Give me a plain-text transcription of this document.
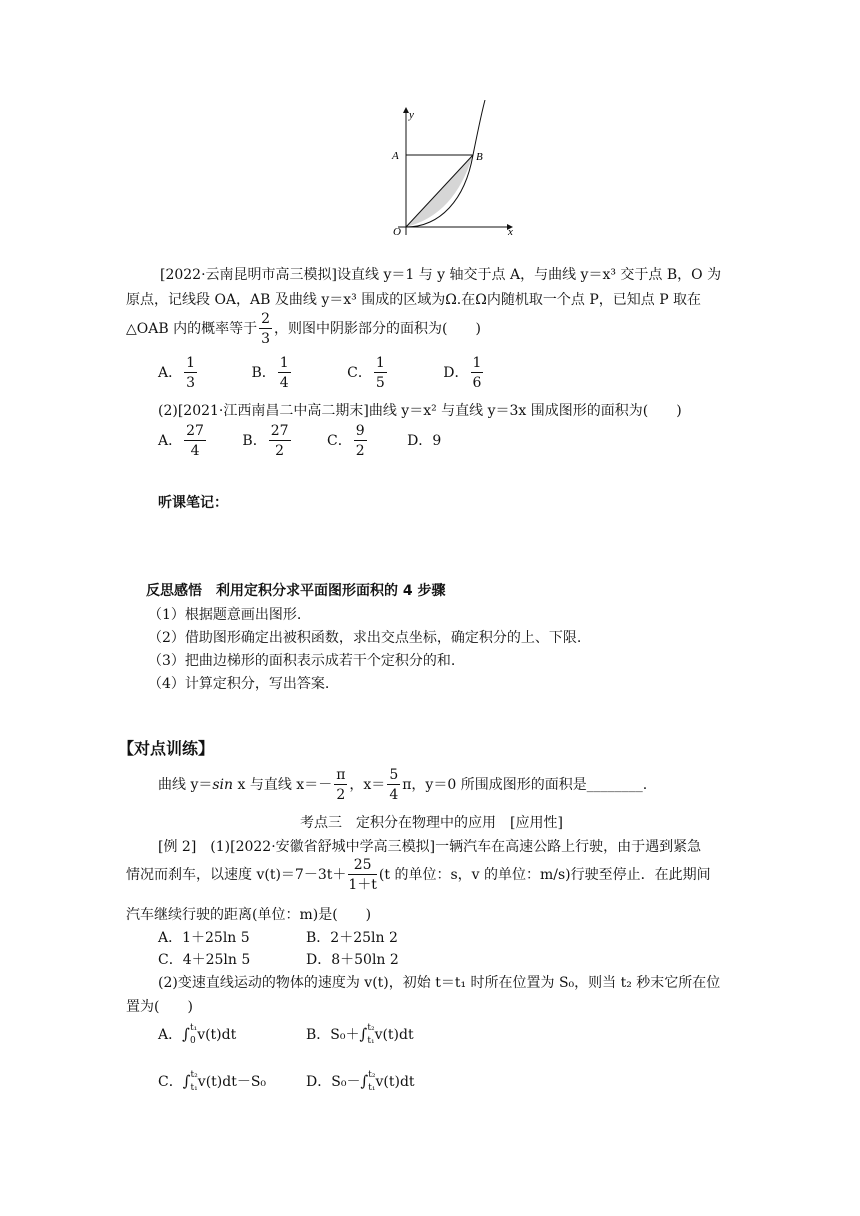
y
x
A	B
O
[2022·云南昆明市高三模拟]设直线 y＝1 与 y 轴交于点 A，与曲线 y＝x³ 交于点 B，O 为
原点，记线段 OA，AB 及曲线 y＝x³ 围成的区域为Ω.在Ω内随机取一个点 P，已知点 P 取在
△OAB 内的概率等于 $\frac{2}{3}$ ，则图中阴影部分的面积为(　　)
A． $\frac{1}{3}$	B． $\frac{1}{4}$	C． $\frac{1}{5}$	D． $\frac{1}{6}$
(2)[2021·江西南昌二中高二期末]曲线 y＝x² 与直线 y＝3x 围成图形的面积为(　　)
A． $\frac{27}{4}$	B． $\frac{27}{2}$	C． $\frac{9}{2}$	D．9
听课笔记：
反思感悟　利用定积分求平面图形面积的 4 步骤
（1）根据题意画出图形.
（2）借助图形确定出被积函数，求出交点坐标，确定积分的上、下限.
（3）把曲边梯形的面积表示成若干个定积分的和.
（4）计算定积分，写出答案.
【对点训练】
曲线 y＝sin x 与直线 $x=- \frac{\pi}{2}$ ，$x= \frac{5}{4}$ π，y＝0 所围成图形的面积是________.
考点三　定积分在物理中的应用　[应用性]
[例 2]　(1)[2022·安徽省舒城中学高三模拟]一辆汽车在高速公路上行驶，由于遇到紧急
情况而刹车，以速度 $v(t)=7-3t+ \frac{25}{1+t} (t$ 的单位：s，v 的单位：m/s)行驶至停止．在此期间
汽车继续行驶的距离(单位：m)是(　　)
A．1＋25ln 5	B．2＋25ln 2
C．4＋25ln 5	D．8＋50ln 2
(2)变速直线运动的物体的速度为 v(t)，初始 t＝t₁ 时所在位置为 S₀，则当 t₂ 秒末它所在位
置为(　　)
A．∫ t₁
0 v(t)dt	B．S₀＋∫ t₂
t₁ v(t)dt
C．∫ t₂
t₁ v(t)dt－S₀	D．S₀－∫ t₂
t₁ v(t)dt
